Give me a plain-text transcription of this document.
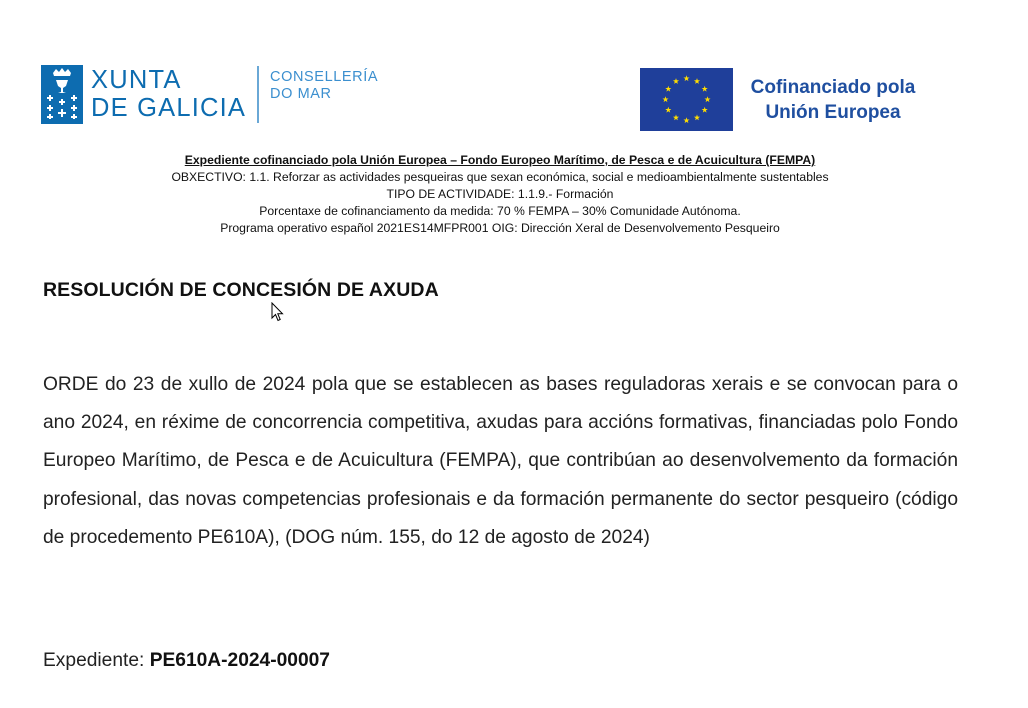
XUNTA
DE GALICIA
CONSELLERÍA
DO MAR	Cofinanciado pola
Unión Europea
Expediente cofinanciado pola Unión Europea – Fondo Europeo Marítimo, de Pesca e de Acuicultura (FEMPA)
OBXECTIVO: 1.1. Reforzar as actividades pesqueiras que sexan económica, social e medioambientalmente sustentables
TIPO DE ACTIVIDADE: 1.1.9.- Formación
Porcentaxe de cofinanciamento da medida: 70 % FEMPA – 30% Comunidade Autónoma.
Programa operativo español 2021ES14MFPR001 OIG: Dirección Xeral de Desenvolvemento Pesqueiro
RESOLUCIÓN DE CONCESIÓN DE AXUDA
ORDE do 23 de xullo de 2024 pola que se establecen as bases reguladoras xerais e se convocan para o ano 2024, en réxime de concorrencia competitiva, axudas para accións formativas, financiadas polo Fondo Europeo Marítimo, de Pesca e de Acuicultura (FEMPA), que contribúan ao desenvolvemento da formación profesional, das novas competencias profesionais e da formación permanente do sector pesqueiro (código de procedemento PE610A), (DOG núm. 155, do 12 de agosto de 2024)
Expediente: PE610A-2024-00007
